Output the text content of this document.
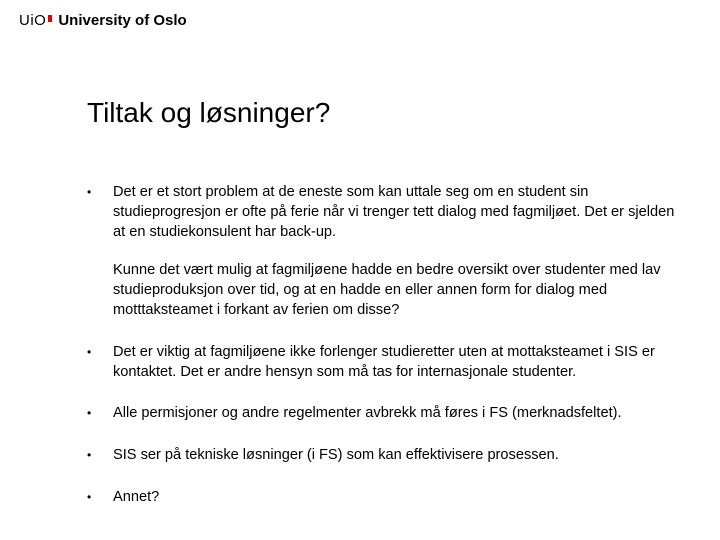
UiO University of Oslo
Tiltak og løsninger?
• Det er et stort problem at de eneste som kan uttale seg om en student sin studieprogresjon er ofte på ferie når vi trenger tett dialog med fagmiljøet. Det er sjelden at en studiekonsulent har back-up.

Kunne det vært mulig at fagmiljøene hadde en bedre oversikt over studenter med lav studieproduksjon over tid, og at en hadde en eller annen form for dialog med motttaksteamet i forkant av ferien om disse?

• Det er viktig at fagmiljøene ikke forlenger studieretter uten at mottaksteamet i SIS er kontaktet. Det er andre hensyn som må tas for internasjonale studenter.

• Alle permisjoner og andre regelmenter avbrekk må føres i FS (merknadsfeltet).

• SIS ser på tekniske løsninger (i FS) som kan effektivisere prosessen.

• Annet?
